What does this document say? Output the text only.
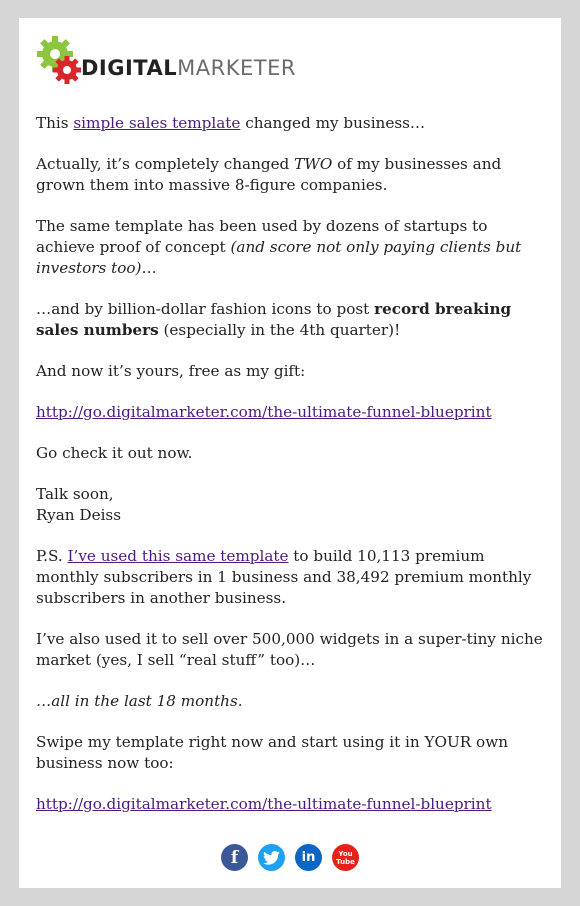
DIGITALMARKETER

This simple sales template changed my business…

Actually, it’s completely changed TWO of my businesses and grown them into massive 8-figure companies.

The same template has been used by dozens of startups to achieve proof of concept (and score not only paying clients but investors too)…

…and by billion-dollar fashion icons to post record breaking sales numbers (especially in the 4th quarter)!

And now it’s yours, free as my gift:

http://go.digitalmarketer.com/the-ultimate-funnel-blueprint

Go check it out now.

Talk soon,
Ryan Deiss

P.S. I’ve used this same template to build 10,113 premium monthly subscribers in 1 business and 38,492 premium monthly subscribers in another business.

I’ve also used it to sell over 500,000 widgets in a super-tiny niche market (yes, I sell “real stuff” too)…

…all in the last 18 months.

Swipe my template right now and start using it in YOUR own business now too:

http://go.digitalmarketer.com/the-ultimate-funnel-blueprint

f	in	You
Tube
